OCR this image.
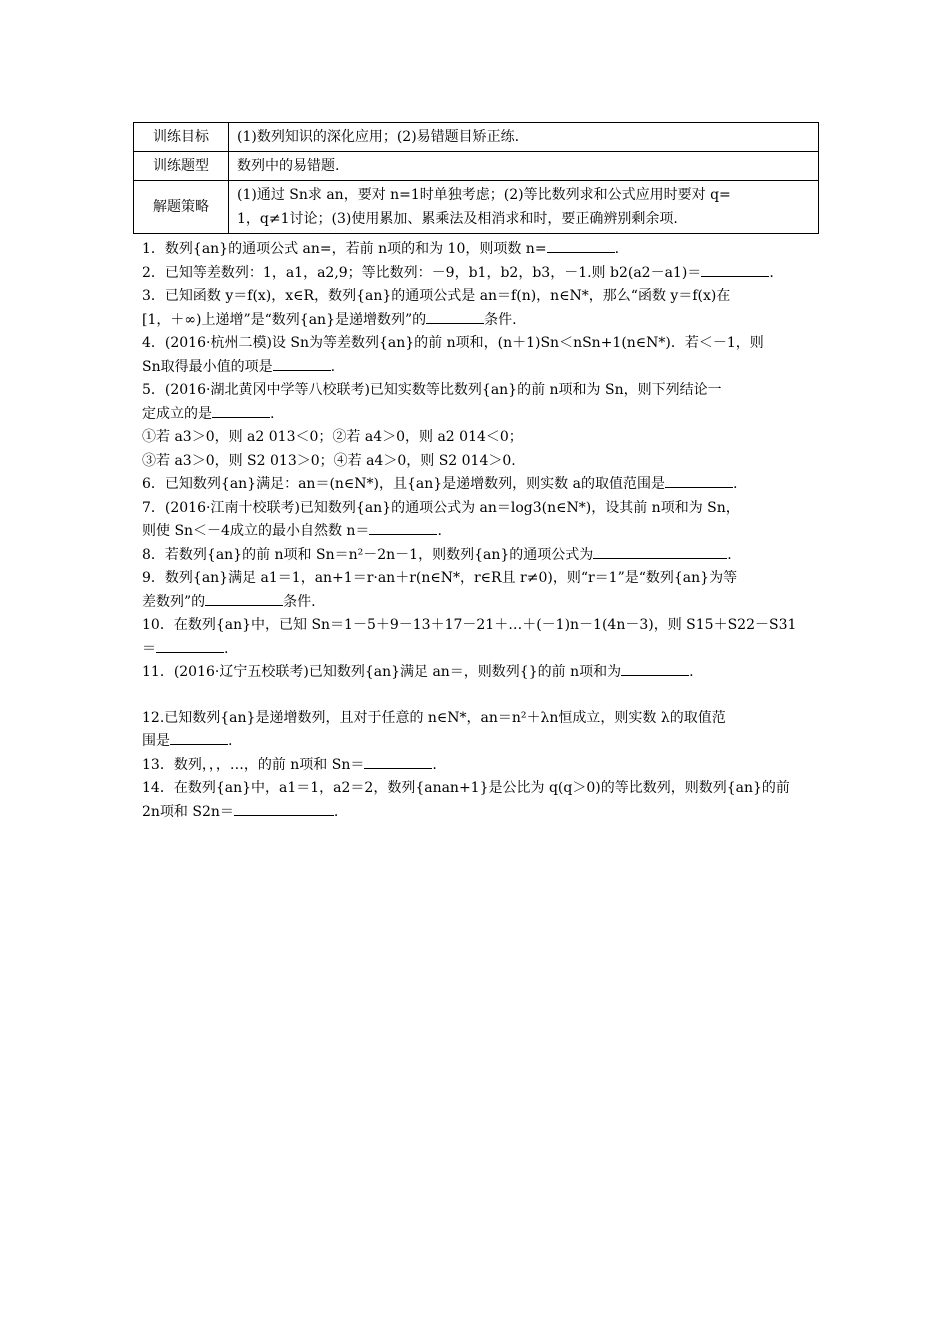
训练目标	(1)数列知识的深化应用；(2)易错题目矫正练.
训练题型	数列中的易错题.
解题策略	(1)通过 Sn求 an，要对 n=1时单独考虑；(2)等比数列求和公式应用时要对 q=
1，q≠1讨论；(3)使用累加、累乘法及相消求和时，要正确辨别剩余项.
1．数列{an}的通项公式 an=，若前 n项的和为 10，则项数 n=	.
2．已知等差数列：1，a1，a2,9；等比数列：－9，b1，b2，b3，－1.则 b2(a2－a1)＝	.
3．已知函数 y＝f(x)，x∈R，数列{an}的通项公式是 an＝f(n)，n∈N*，那么“函数 y＝f(x)在
[1，＋∞)上递增”是“数列{an}是递增数列”的	条件.
4．(2016·杭州二模)设 Sn为等差数列{an}的前 n项和，(n＋1)Sn＜nSn+1(n∈N*)．若＜－1，则
Sn取得最小值的项是	.
5．(2016·湖北黄冈中学等八校联考)已知实数等比数列{an}的前 n项和为 Sn，则下列结论一
定成立的是	.
①若 a3＞0，则 a2 013＜0；②若 a4＞0，则 a2 014＜0；
③若 a3＞0，则 S2 013＞0；④若 a4＞0，则 S2 014＞0.
6．已知数列{an}满足：an＝(n∈N*)，且{an}是递增数列，则实数 a的取值范围是	.
7．(2016·江南十校联考)已知数列{an}的通项公式为 an＝log3(n∈N*)，设其前 n项和为 Sn，
则使 Sn＜－4成立的最小自然数 n＝	.
8．若数列{an}的前 n项和 Sn＝n²－2n－1，则数列{an}的通项公式为	.
9．数列{an}满足 a1＝1，an+1＝r·an＋r(n∈N*，r∈R且 r≠0)，则“r＝1”是“数列{an}为等
差数列”的	条件.
10．在数列{an}中，已知 Sn＝1－5＋9－13＋17－21＋…＋(－1)n－1(4n－3)，则 S15＋S22－S31
＝	.
11．(2016·辽宁五校联考)已知数列{an}满足 an＝，则数列{}的前 n项和为	.
12.已知数列{an}是递增数列，且对于任意的 n∈N*，an＝n²＋λn恒成立，则实数 λ的取值范
围是	.
13．数列，，，…，的前 n项和 Sn＝	.
14．在数列{an}中，a1＝1，a2＝2，数列{anan+1}是公比为 q(q＞0)的等比数列，则数列{an}的前
2n项和 S2n＝	.
